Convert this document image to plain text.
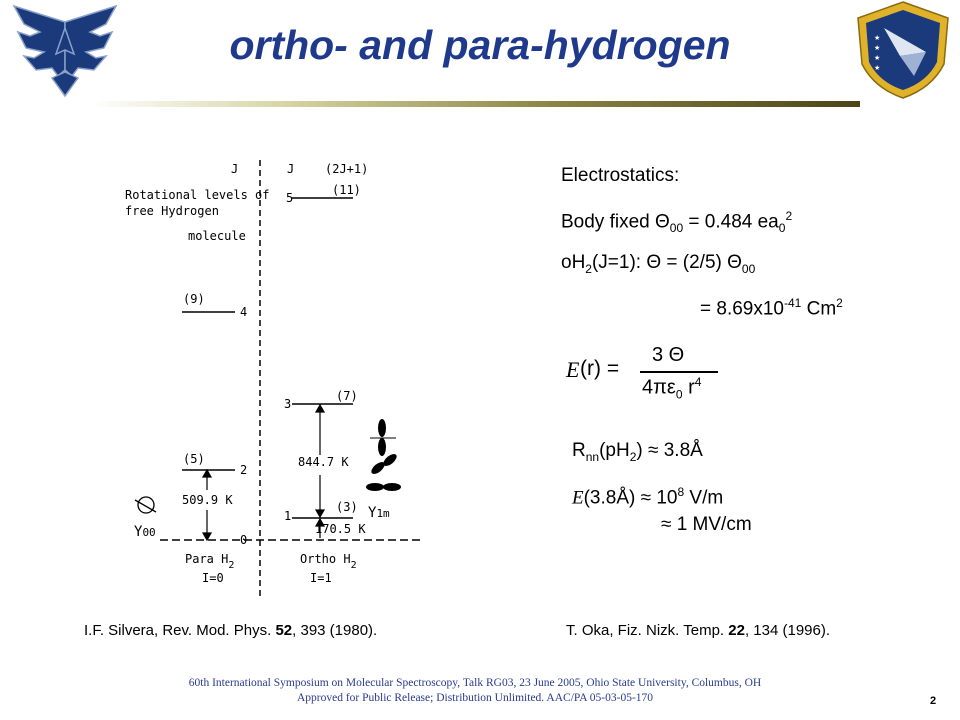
★
★
★
★
ortho- and para-hydrogen
Rotational levels of
free Hydrogen
molecule
J	J	(2J+1)
4
(9)
2
(5)
0
5
(11)
3
(7)
1
(3)
509.9 K
844.7 K
170.5 K
Para $H_2$
I=0
Ortho $H_2$
I=1
Y00
Y1m
Electrostatics:
Body fixed $\Theta_{00} = 0.484$ $ea_0^2$
$oH_2(J=1)$: Θ = (2/5) $\Theta_{00}$
= $8.69x10^{-41}$ Cm$^2$
E (r) =
3 Θ
$4\pi\varepsilon_0$ $r^4$
$R_{nn}(pH_2)$ ≈ 3.8Å
E(3.8Å) ≈ $10^8$ V/m
≈ 1 MV/cm
I.F. Silvera, Rev. Mod. Phys. 52, 393 (1980).	T. Oka, Fiz. Nizk. Temp. 22, 134 (1996).
60th International Symposium on Molecular Spectroscopy, Talk RG03, 23 June 2005, Ohio State University, Columbus, OH
Approved for Public Release; Distribution Unlimited. AAC/PA 05-03-05-170	2
